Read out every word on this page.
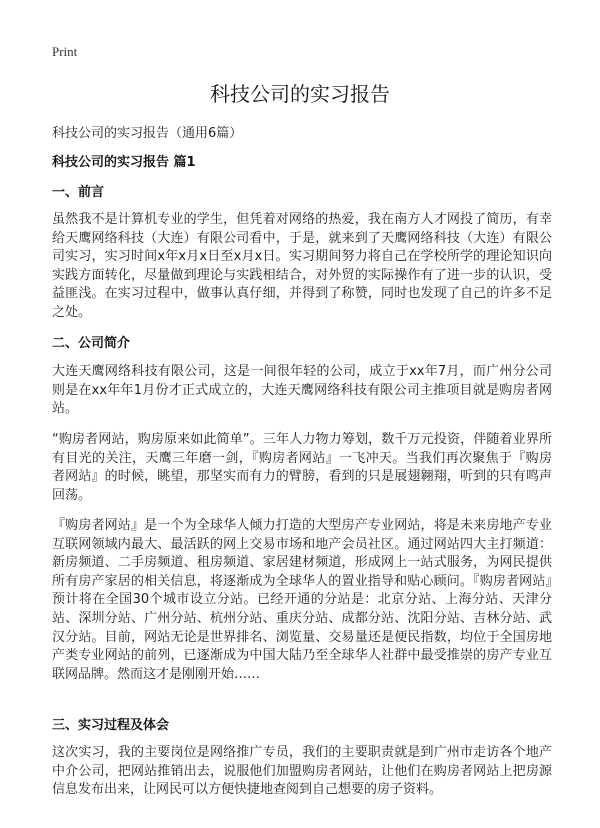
Print
科技公司的实习报告
科技公司的实习报告（通用6篇）
科技公司的实习报告 篇1
一、前言
虽然我不是计算机专业的学生，但凭着对网络的热爱，我在南方人才网投了简历，有幸给天鹰网络科技（大连）有限公司看中，于是，就来到了天鹰网络科技（大连）有限公司实习，实习时间x年x月x日至x月x日。实习期间努力将自己在学校所学的理论知识向实践方面转化，尽量做到理论与实践相结合，对外贸的实际操作有了进一步的认识，受益匪浅。在实习过程中，做事认真仔细，并得到了称赞，同时也发现了自己的许多不足之处。
二、公司简介
大连天鹰网络科技有限公司，这是一间很年轻的公司，成立于xx年7月，而广州分公司则是在xx年年1月份才正式成立的，大连天鹰网络科技有限公司主推项目就是购房者网站。
“购房者网站，购房原来如此简单”。三年人力物力筹划，数千万元投资，伴随着业界所有目光的关注，天鹰三年磨一剑，『购房者网站』一飞冲天。当我们再次聚焦于『购房者网站』的时候，眺望，那坚实而有力的臂膀，看到的只是展翅翱翔，听到的只有鸣声回荡。
『购房者网站』是一个为全球华人倾力打造的大型房产专业网站，将是未来房地产专业互联网领域内最大、最活跃的网上交易市场和地产会员社区。通过网站四大主打频道：新房频道、二手房频道、租房频道、家居建材频道，形成网上一站式服务，为网民提供所有房产家居的相关信息，将逐渐成为全球华人的置业指导和贴心顾问。『购房者网站』预计将在全国30个城市设立分站。已经开通的分站是：北京分站、上海分站、天津分站、深圳分站、广州分站、杭州分站、重庆分站、成都分站、沈阳分站、吉林分站、武汉分站。目前，网站无论是世界排名、浏览量、交易量还是便民指数，均位于全国房地产类专业网站的前列，已逐渐成为中国大陆乃至全球华人社群中最受推崇的房产专业互联网品牌。然而这才是刚刚开始……
三、实习过程及体会
这次实习，我的主要岗位是网络推广专员，我们的主要职责就是到广州市走访各个地产中介公司，把网站推销出去，说服他们加盟购房者网站，让他们在购房者网站上把房源信息发布出来，让网民可以方便快捷地查阅到自己想要的房子资料。
